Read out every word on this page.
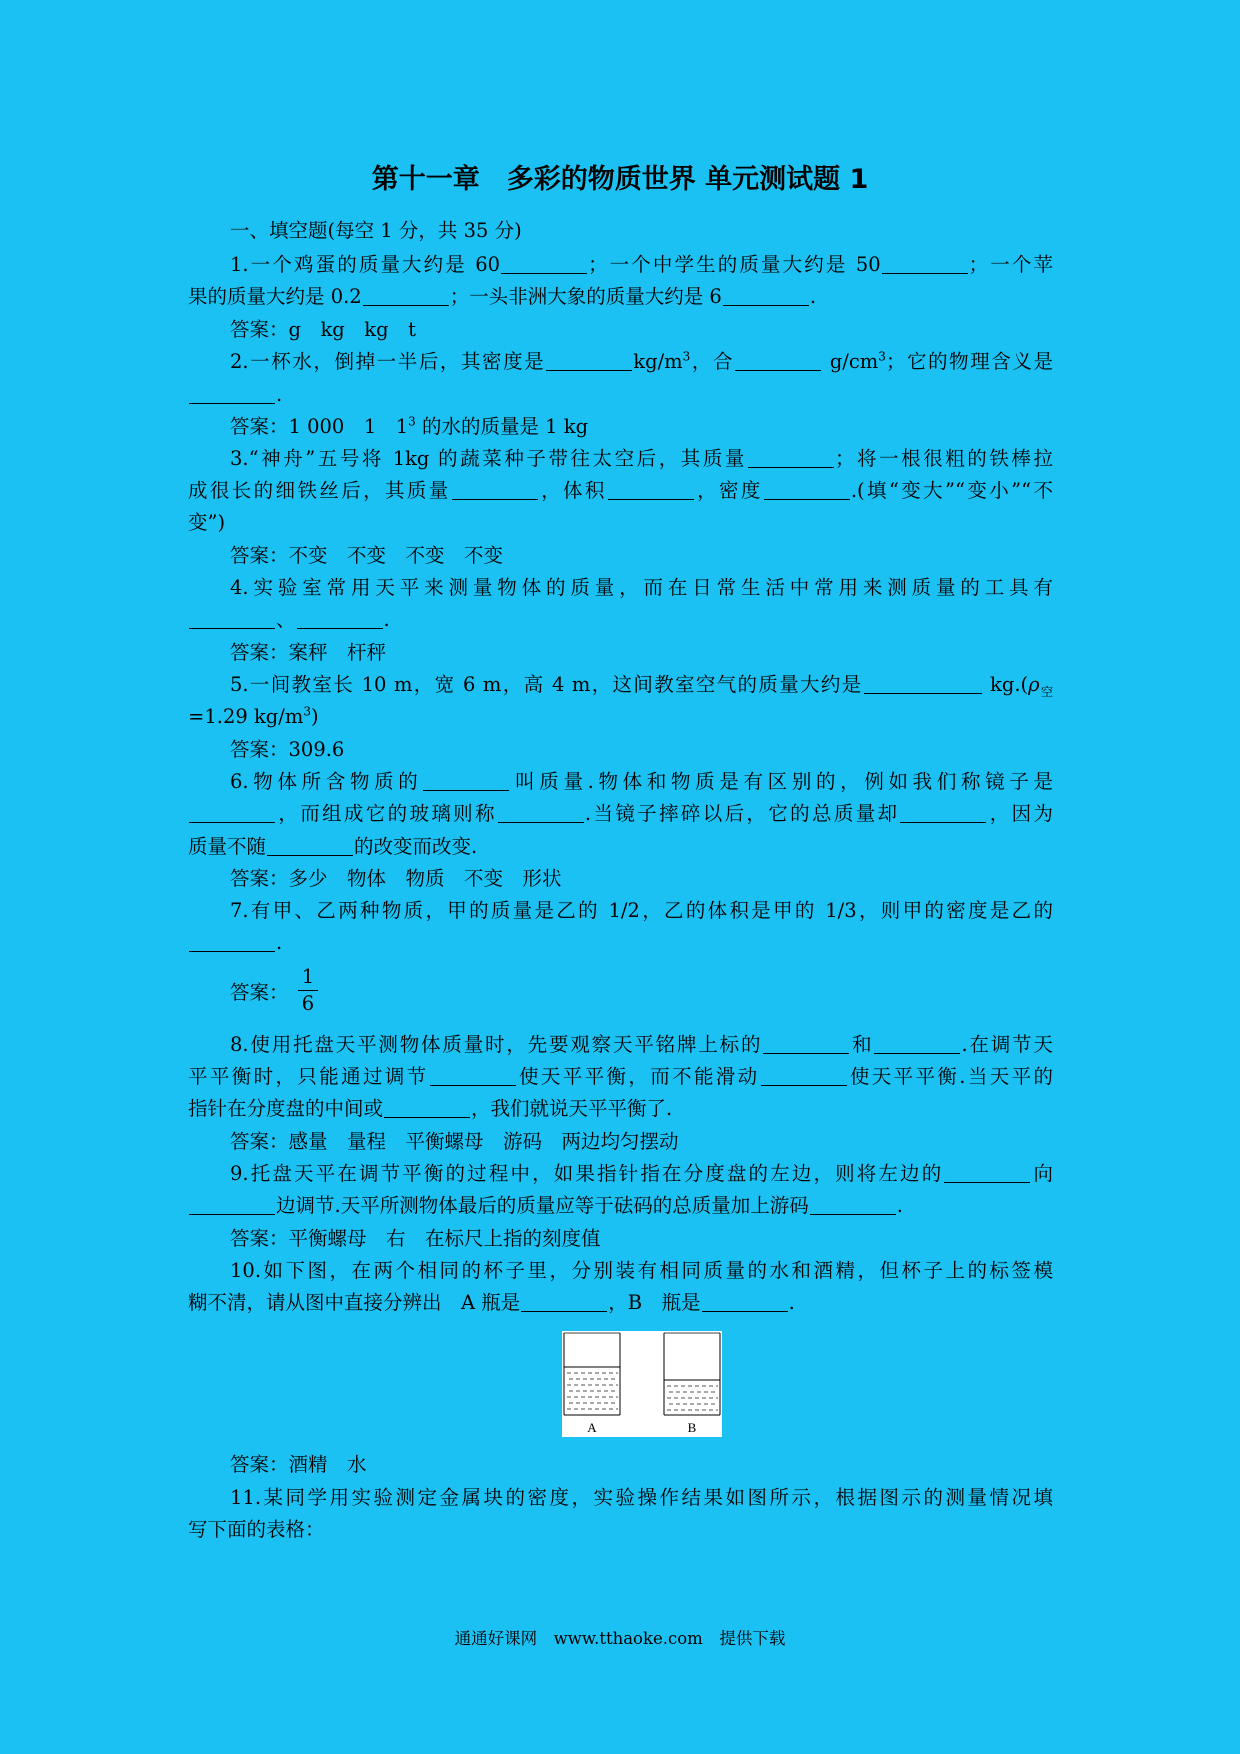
第十一章　多彩的物质世界 单元测试题 1
一、填空题(每空 1 分，共 35 分)
1.一个鸡蛋的质量大约是 60	；一个中学生的质量大约是 50	；一个苹
果的质量大约是 0.2	；一头非洲大象的质量大约是 6	.
答案：g　kg　kg　t
2.一杯水，倒掉一半后，其密度是	$kg/m^3$，合	$g/cm^3$；它的物理含义是
.
答案：1 000　1　$1^3$ 的水的质量是 1 kg
3.“神舟”五号将 1kg 的蔬菜种子带往太空后，其质量	；将一根很粗的铁棒拉
成很长的细铁丝后，其质量	，体积	，密度	.(填“变大”“变小”“不
变”)
答案：不变　不变　不变　不变
4.实验室常用天平来测量物体的质量，而在日常生活中常用来测质量的工具有
、	.
答案：案秤　杆秤
5.一间教室长 10 m，宽 6 m，高 4 m，这间教室空气的质量大约是	$kg.(\rho_空$
=1.29 $kg/m^3$)
答案：309.6
6.物体所含物质的	叫质量.物体和物质是有区别的，例如我们称镜子是
，而组成它的玻璃则称	.当镜子摔碎以后，它的总质量却	，因为
质量不随	的改变而改变.
答案：多少　物体　物质　不变　形状
7.有甲、乙两种物质，甲的质量是乙的 1/2，乙的体积是甲的 1/3，则甲的密度是乙的
.
答案： $\frac{1}{6}$
8.使用托盘天平测物体质量时，先要观察天平铭牌上标的	和	.在调节天
平平衡时，只能通过调节	使天平平衡，而不能滑动	使天平平衡.当天平的
指针在分度盘的中间或	，我们就说天平平衡了.
答案：感量　量程　平衡螺母　游码　两边均匀摆动
9.托盘天平在调节平衡的过程中，如果指针指在分度盘的左边，则将左边的	向
边调节.天平所测物体最后的质量应等于砝码的总质量加上游码	.
答案：平衡螺母　右　在标尺上指的刻度值
10.如下图，在两个相同的杯子里，分别装有相同质量的水和酒精，但杯子上的标签模
糊不清，请从图中直接分辨出　A 瓶是	，B　瓶是	.
A	B
答案：酒精　水
11.某同学用实验测定金属块的密度，实验操作结果如图所示，根据图示的测量情况填
写下面的表格：
通通好课网　www.tthaoke.com　提供下载
